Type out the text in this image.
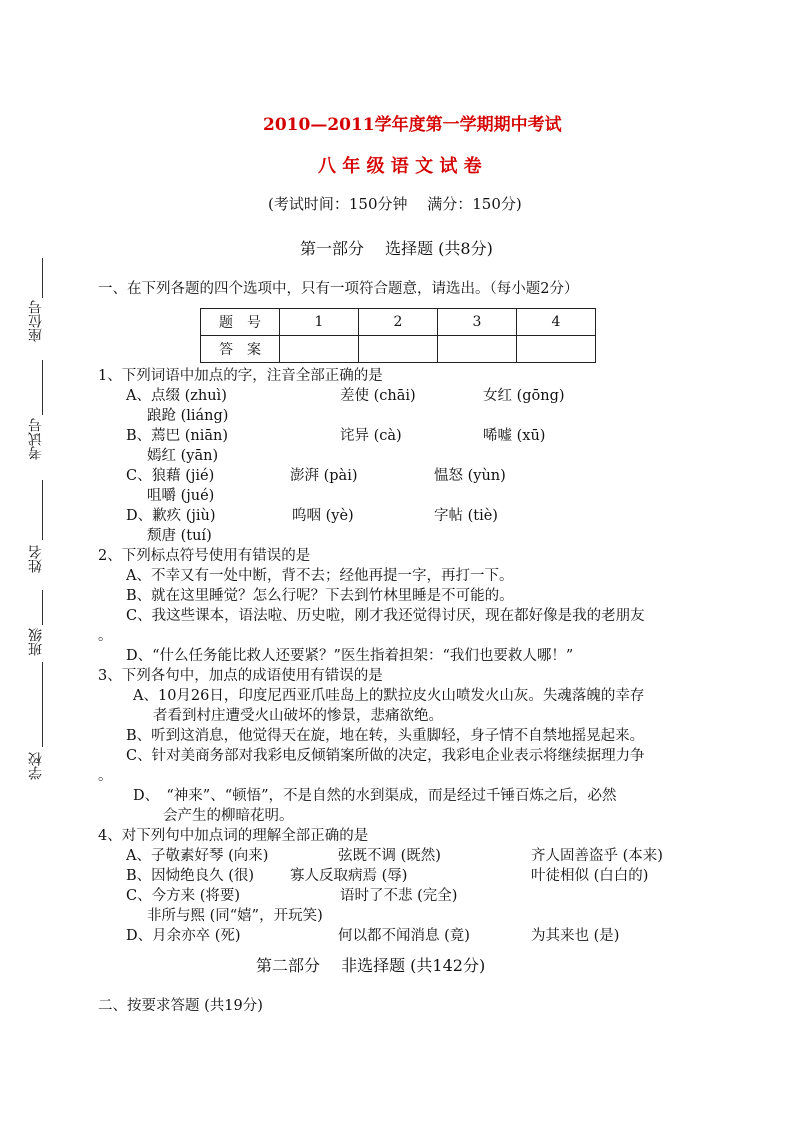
座位号
考试号
姓名
班级
学校
2010—2011学年度第一学期期中考试
八 年 级 语 文 试 卷
(考试时间：150分钟　 满分：150分)
第一部分　 选择题 (共8分)
一、在下列各题的四个选项中，只有一项符合题意，请选出。（每小题2分）
题　号	1	2	3	4
答　案				
1、下列词语中加点的字，注音全部正确的是
A、点缀 (zhuì)	差使 (chāi)	女红 (gōng)
踉跄 (liáng)
B、蔫巴 (niān)	诧异 (cà)	唏嘘 (xū)
嫣红 (yān)
C、狼藉 (jié)	澎湃 (pài)	愠怒 (yùn)
咀嚼 (jué)
D、歉疚 (jiù)	呜咽 (yè)	字帖 (tiè)
颓唐 (tuí)
2、下列标点符号使用有错误的是
A、不幸又有一处中断，背不去；经他再提一字，再打一下。
B、就在这里睡觉？怎么行呢？下去到竹林里睡是不可能的。
C、我这些课本，语法啦、历史啦，刚才我还觉得讨厌，现在都好像是我的老朋友
。
D、“什么任务能比救人还要紧？”医生指着担架：“我们也要救人哪！”
3、下列各句中，加点的成语使用有错误的是
A、10月26日，印度尼西亚爪哇岛上的默拉皮火山喷发火山灰。失魂落魄的幸存
者看到村庄遭受火山破坏的惨景，悲痛欲绝。
B、听到这消息，他觉得天在旋，地在转，头重脚轻，身子情不自禁地摇晃起来。
C、针对美商务部对我彩电反倾销案所做的决定，我彩电企业表示将继续据理力争
。
D、　“神来”、“顿悟”，不是自然的水到渠成，而是经过千锤百炼之后，必然
会产生的柳暗花明。
4、对下列句中加点词的理解全部正确的是
A、子敬素好琴 (向来)	弦既不调 (既然)	齐人固善盗乎 (本来)
B、因恸绝良久 (很) 寡人反取病焉 (辱)	叶徒相似 (白白的)
C、今方来 (将要)	语时了不悲 (完全)
非所与熙 (同“嬉”，开玩笑)
D、月余亦卒 (死)	何以都不闻消息 (竟)	为其来也 (是)
第二部分　 非选择题 (共142分)
二、按要求答题 (共19分)
